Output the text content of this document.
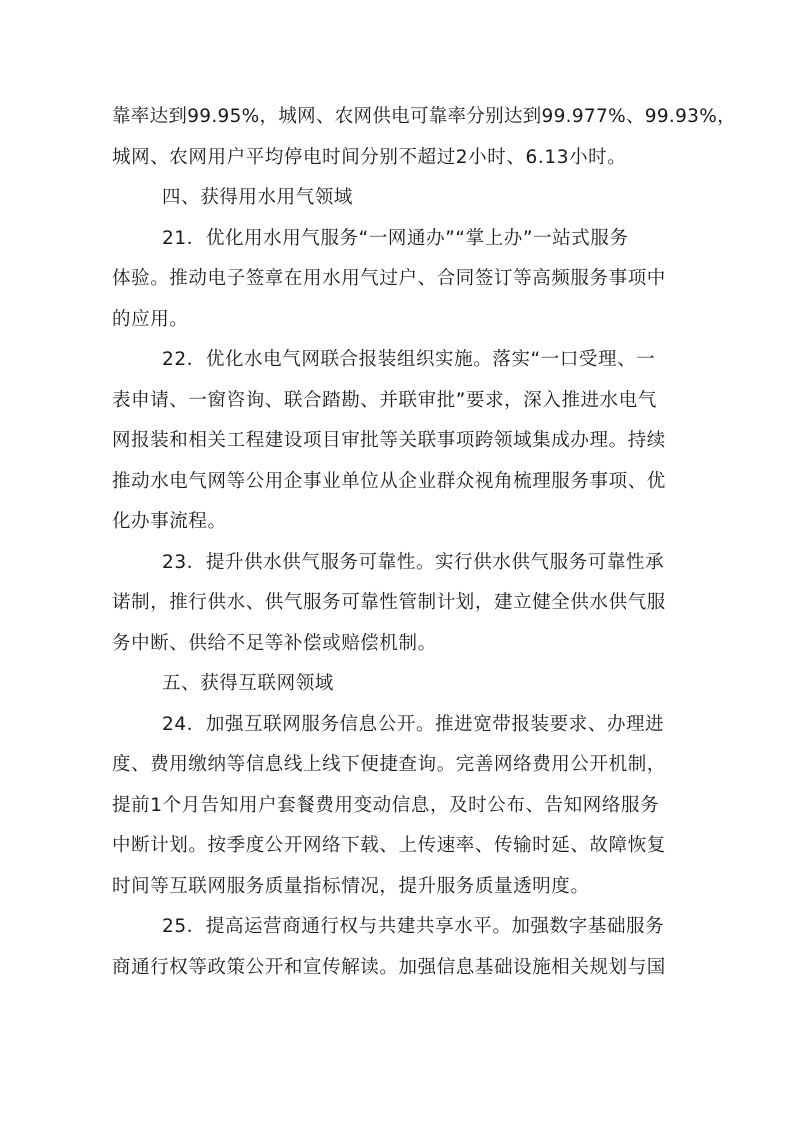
靠率达到99.95%，城网、农网供电可靠率分别达到99.977%、99.93%，
城网、农网用户平均停电时间分别不超过2小时、6.13小时。
四、获得用水用气领域
21．优化用水用气服务“一网通办”“掌上办”一站式服务
体验。推动电子签章在用水用气过户、合同签订等高频服务事项中
的应用。
22．优化水电气网联合报装组织实施。落实“一口受理、一
表申请、一窗咨询、联合踏勘、并联审批”要求，深入推进水电气
网报装和相关工程建设项目审批等关联事项跨领域集成办理。持续
推动水电气网等公用企事业单位从企业群众视角梳理服务事项、优
化办事流程。
23．提升供水供气服务可靠性。实行供水供气服务可靠性承
诺制，推行供水、供气服务可靠性管制计划，建立健全供水供气服
务中断、供给不足等补偿或赔偿机制。
五、获得互联网领域
24．加强互联网服务信息公开。推进宽带报装要求、办理进
度、费用缴纳等信息线上线下便捷查询。完善网络费用公开机制，
提前1个月告知用户套餐费用变动信息，及时公布、告知网络服务
中断计划。按季度公开网络下载、上传速率、传输时延、故障恢复
时间等互联网服务质量指标情况，提升服务质量透明度。
25．提高运营商通行权与共建共享水平。加强数字基础服务
商通行权等政策公开和宣传解读。加强信息基础设施相关规划与国
